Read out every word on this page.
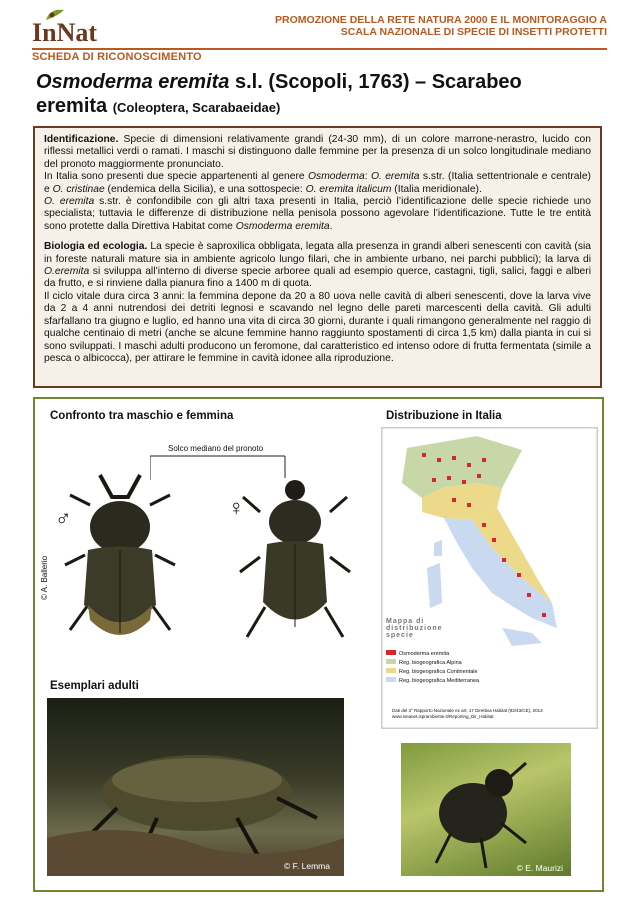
InNat	PROMOZIONE DELLA RETE NATURA 2000 E IL MONITORAGGIO A
SCALA NAZIONALE DI SPECIE DI INSETTI PROTETTI
SCHEDA DI RICONOSCIMENTO
Osmoderma eremita s.l. (Scopoli, 1763) – Scarabeo
eremita (Coleoptera, Scarabaeidae)

Identificazione. Specie di dimensioni relativamente grandi (24-30 mm), di un colore marrone-nerastro, lucido con riflessi metallici verdi o ramati. I maschi si distinguono dalle femmine per la presenza di un solco longitudinale mediano del pronoto maggiormente pronunciato.

In Italia sono presenti due specie appartenenti al genere Osmoderma: O. eremita s.str. (Italia settentrionale e centrale) e O. cristinae (endemica della Sicilia), e una sottospecie: O. eremita italicum (Italia meridionale).

O. eremita s.str. è confondibile con gli altri taxa presenti in Italia, perciò l’identificazione delle specie richiede uno specialista; tuttavia le differenze di distribuzione nella penisola possono agevolare l’identificazione. Tutte le tre entità sono protette dalla Direttiva Habitat come Osmoderma eremita.

Biologia ed ecologia. La specie è saproxilica obbligata, legata alla presenza in grandi alberi senescenti con cavità (sia in foreste naturali mature sia in ambiente agricolo lungo filari, che in ambiente urbano, nei parchi pubblici); la larva di O.eremita si sviluppa all’interno di diverse specie arboree quali ad esempio querce, castagni, tigli, salici, faggi e alberi da frutto, e si rinviene dalla pianura fino a 1400 m di quota.

Il ciclo vitale dura circa 3 anni: la femmina depone da 20 a 80 uova nelle cavità di alberi senescenti, dove la larva vive da 2 a 4 anni nutrendosi dei detriti legnosi e scavando nel legno delle pareti marcescenti della cavità. Gli adulti sfarfallano tra giugno e luglio, ed hanno una vita di circa 30 giorni, durante i quali rimangono generalmente nel raggio di qualche centinaio di metri (anche se alcune femmine hanno raggiunto spostamenti di circa 1,5 km) dalla pianta in cui si sono sviluppati. I maschi adulti producono un feromone, dal caratteristico ed intenso odore di frutta fermentata (simile a pesca o albicocca), per attirare le femmine in cavità idonee alla riproduzione.

Confronto tra maschio e femmina
Solco mediano del pronoto
♂
© A. Ballerio
♀
Distribuzione in Italia
Mappa di distribuzione specie
Osmoderma eremita
Reg. biogeografica Alpina
Reg. biogeografica Continentale
Reg. biogeografica Mediterranea
Dati del 3° Rapporto Nazionale ex art. 17 Direttiva Habitat (92/43/CE), 2013
www.sinanet.isprambiente.it/Reporting_Dir_Habitat
Esemplari adulti
© F. Lemma	© E. Maurizi
